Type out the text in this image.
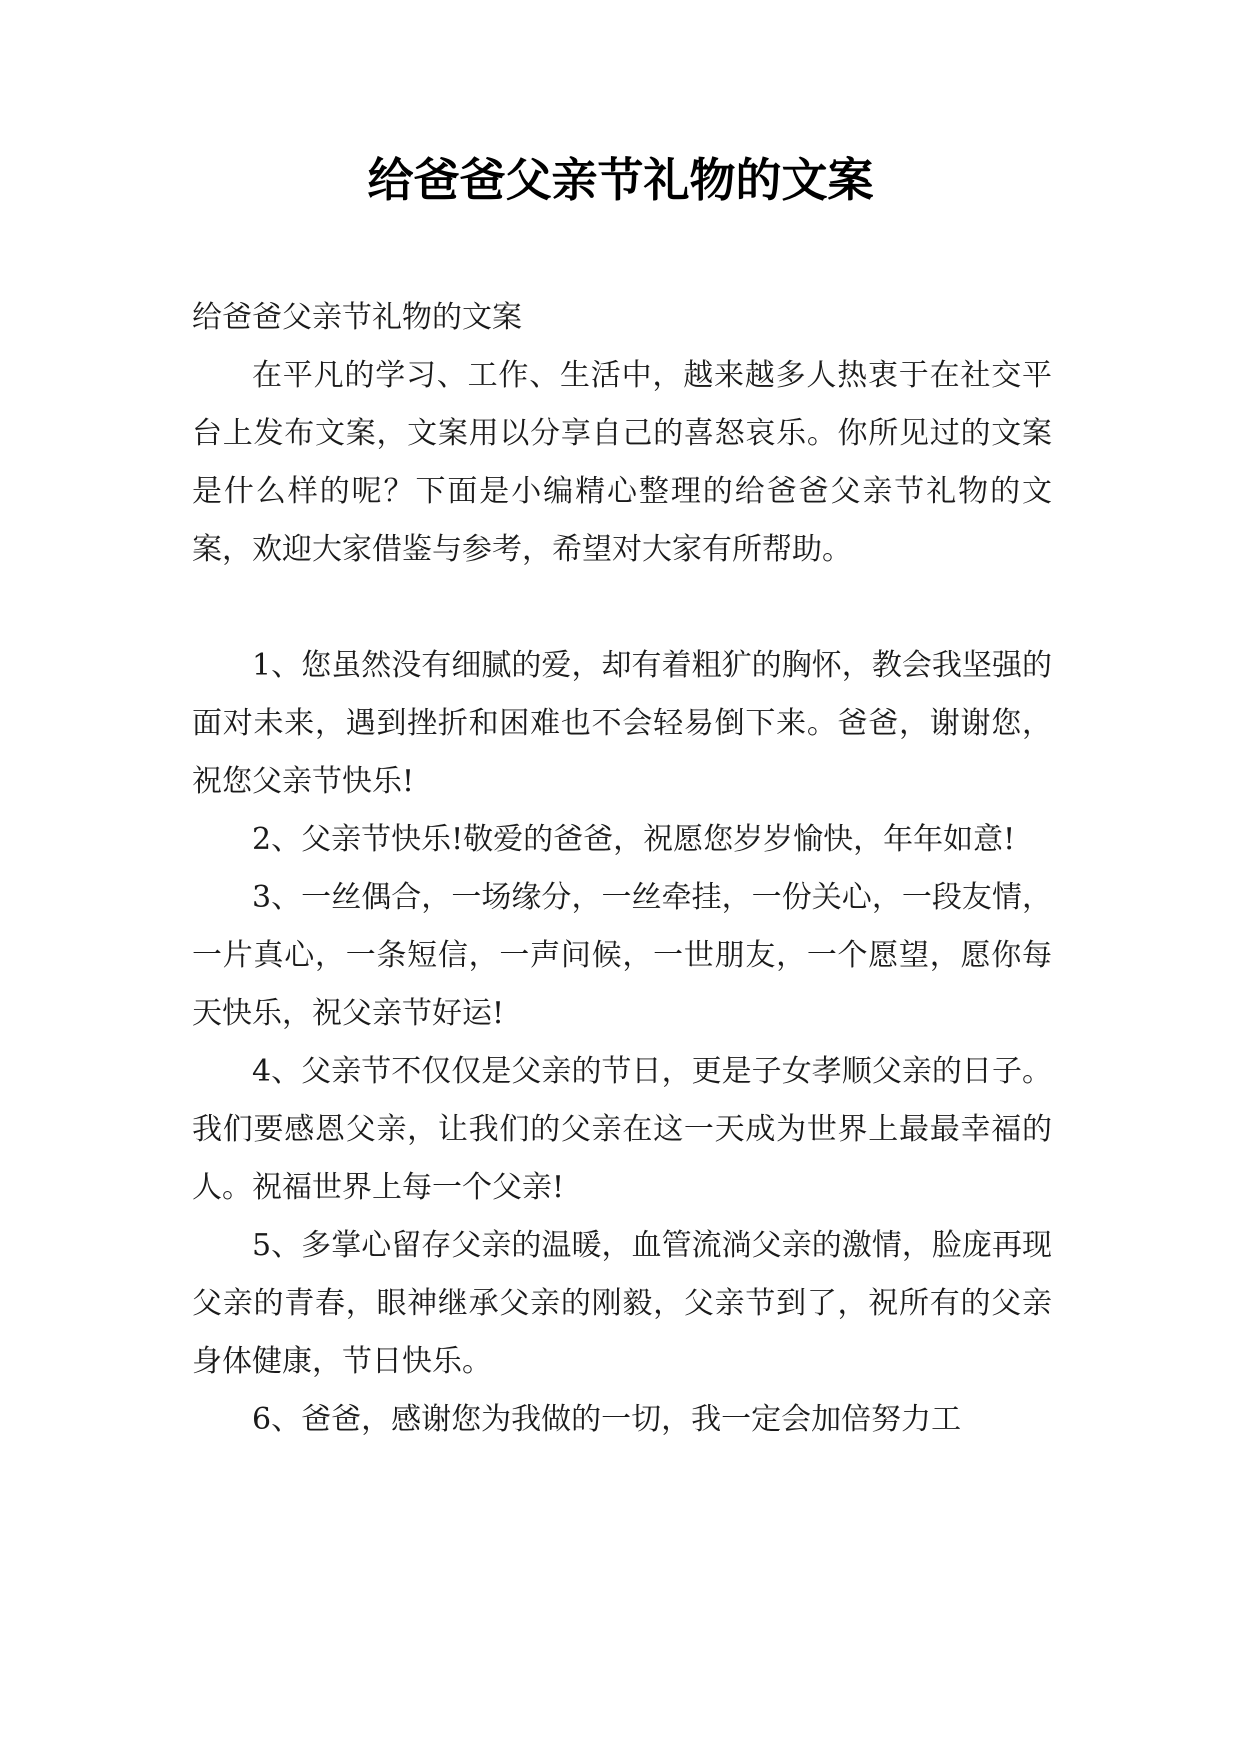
给爸爸父亲节礼物的文案

给爸爸父亲节礼物的文案

在平凡的学习、工作、生活中，越来越多人热衷于在社交平台上发布文案，文案用以分享自己的喜怒哀乐。你所见过的文案是什么样的呢？下面是小编精心整理的给爸爸父亲节礼物的文案，欢迎大家借鉴与参考，希望对大家有所帮助。

1、您虽然没有细腻的爱，却有着粗犷的胸怀，教会我坚强的面对未来，遇到挫折和困难也不会轻易倒下来。爸爸，谢谢您，祝您父亲节快乐!

2、父亲节快乐!敬爱的爸爸，祝愿您岁岁愉快，年年如意!

3、一丝偶合，一场缘分，一丝牵挂，一份关心，一段友情，一片真心，一条短信，一声问候，一世朋友，一个愿望，愿你每天快乐，祝父亲节好运!

4、父亲节不仅仅是父亲的节日，更是子女孝顺父亲的日子。我们要感恩父亲，让我们的父亲在这一天成为世界上最最幸福的人。祝福世界上每一个父亲!

5、多掌心留存父亲的温暖，血管流淌父亲的激情，脸庞再现父亲的青春，眼神继承父亲的刚毅，父亲节到了，祝所有的父亲身体健康，节日快乐。

6、爸爸，感谢您为我做的一切，我一定会加倍努力工
